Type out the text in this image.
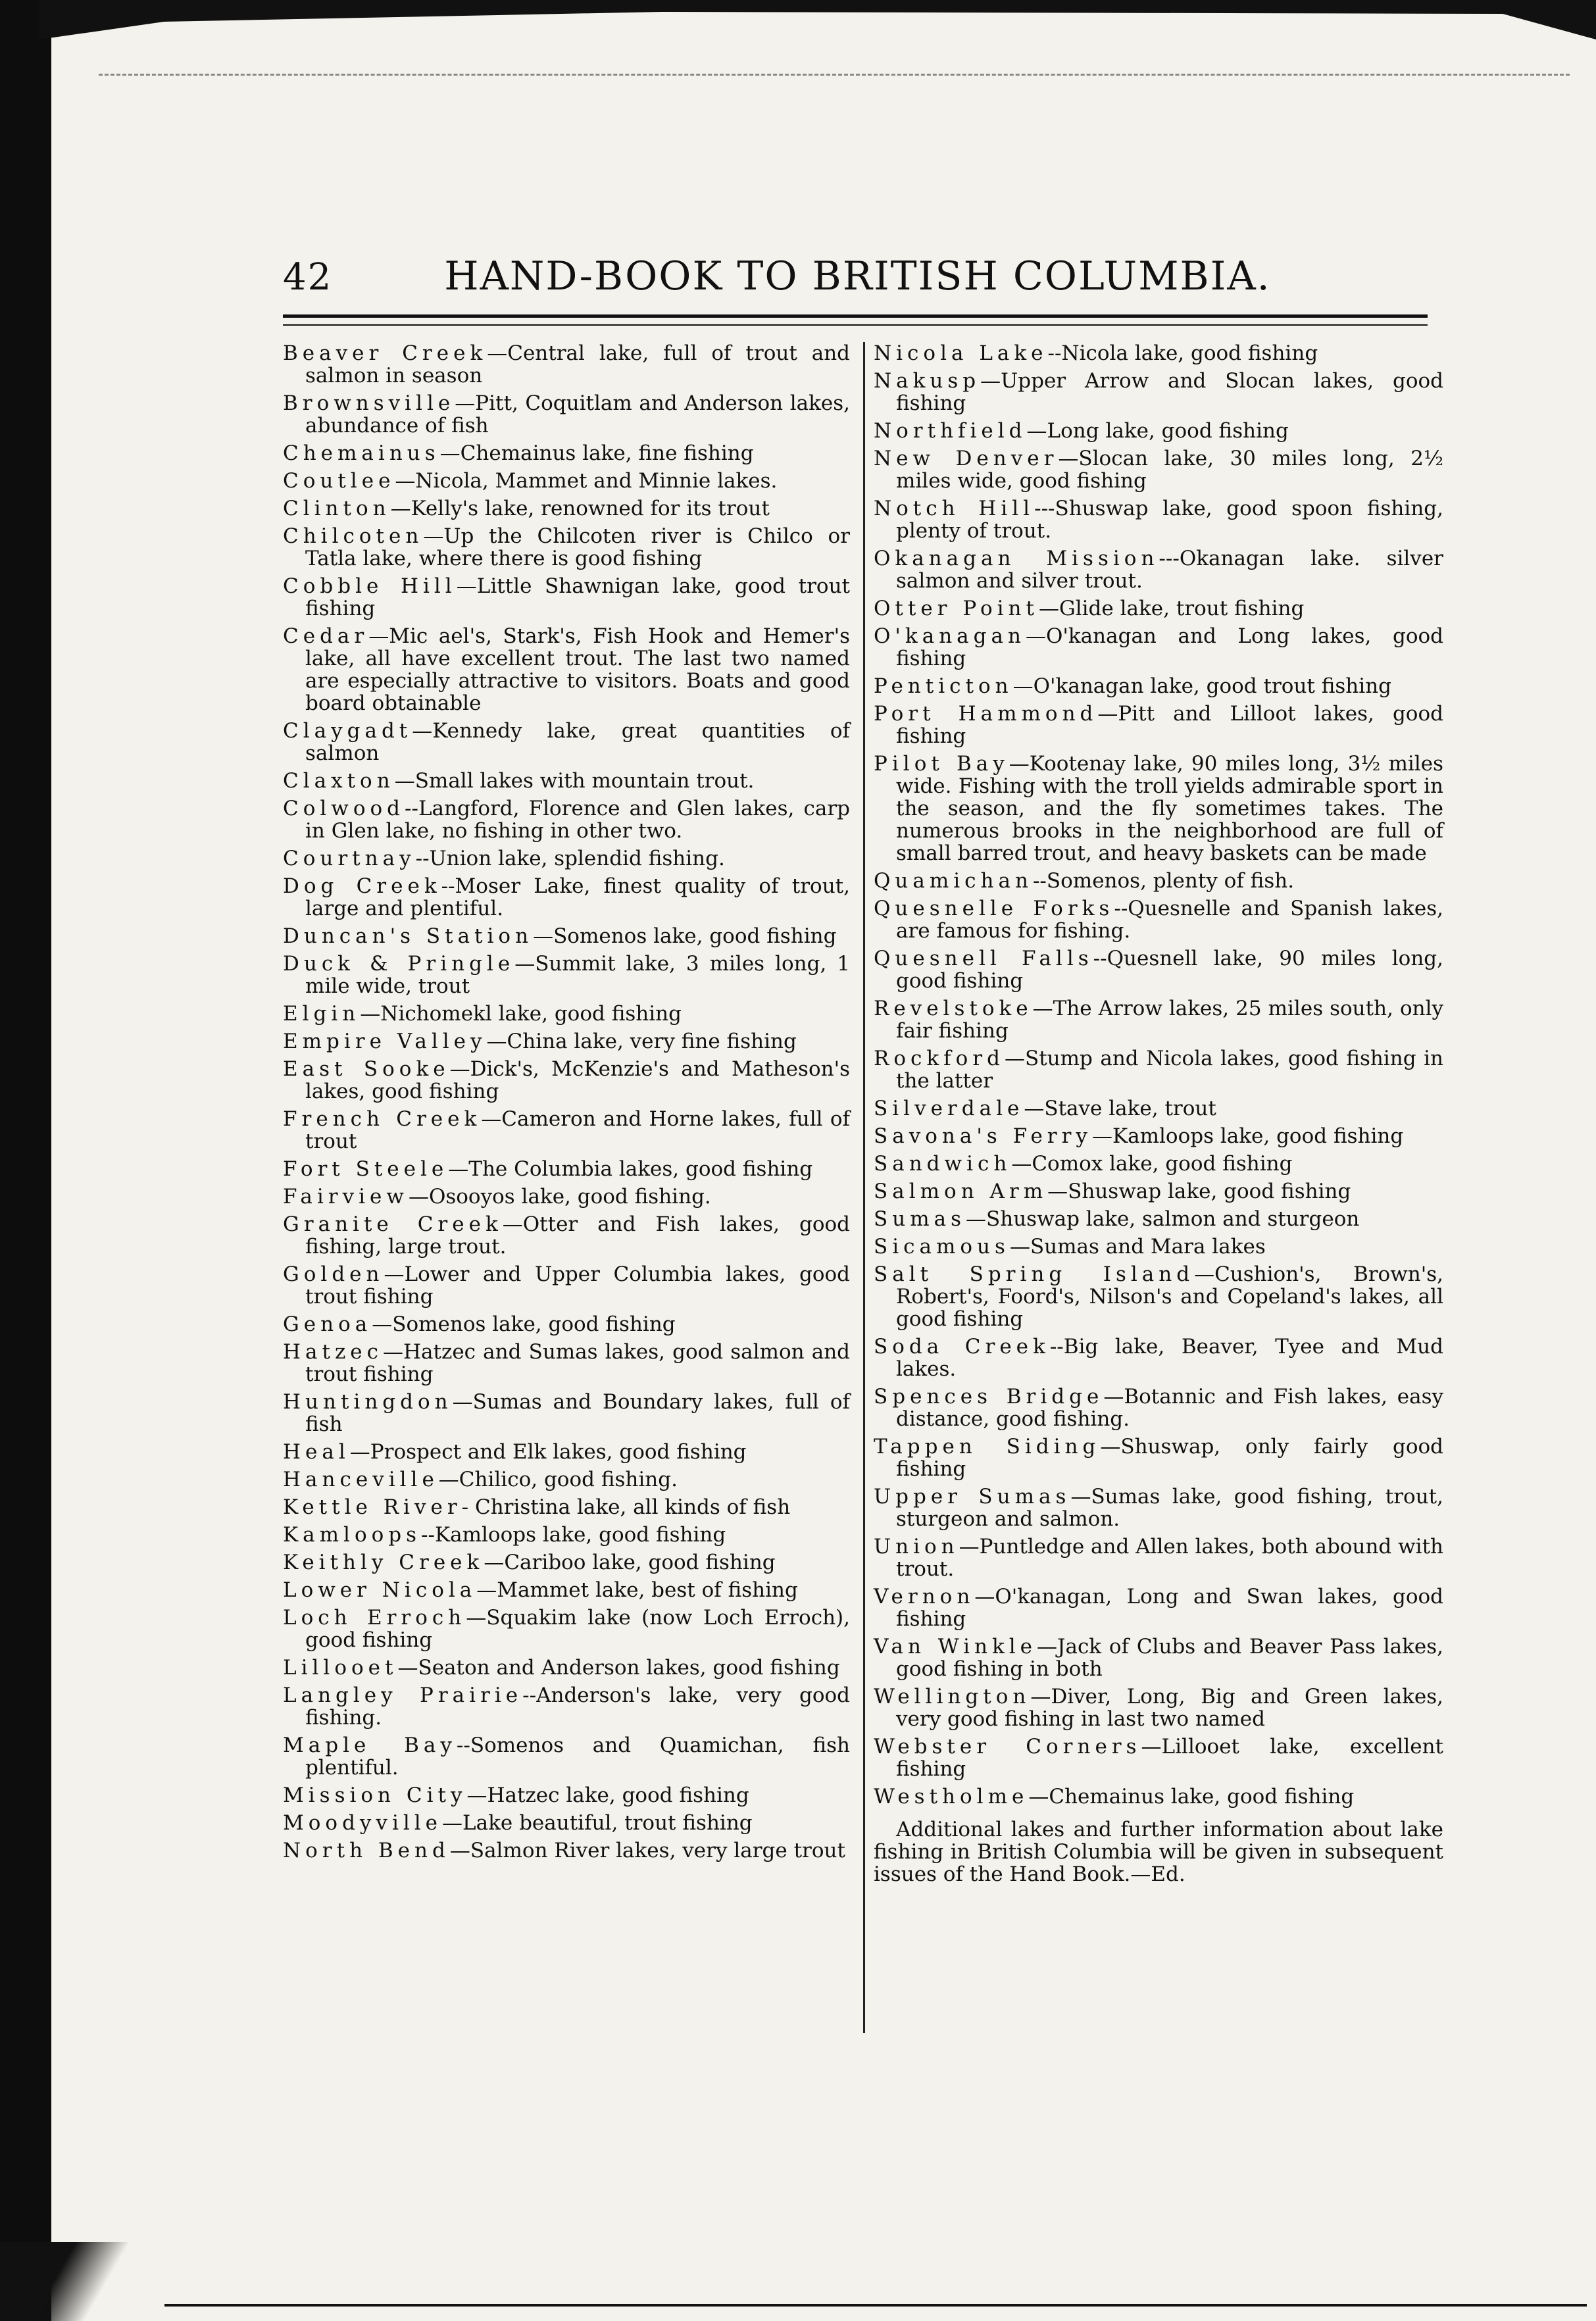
42	HAND-BOOK TO BRITISH COLUMBIA.

Beaver Creek—Central lake, full of trout and salmon in season

Brownsville—Pitt, Coquitlam and Anderson lakes, abundance of fish

Chemainus—Chemainus lake, fine fishing

Coutlee—Nicola, Mammet and Minnie lakes.

Clinton—Kelly's lake, renowned for its trout

Chilcoten—Up the Chilcoten river is Chilco or Tatla lake, where there is good fishing

Cobble Hill—Little Shawnigan lake, good trout fishing

Cedar—Mic ael's, Stark's, Fish Hook and Hemer's lake, all have excellent trout. The last two named are especially attractive to visitors. Boats and good board obtainable

Claygadt—Kennedy lake, great quantities of salmon

Claxton—Small lakes with mountain trout.

Colwood--Langford, Florence and Glen lakes, carp in Glen lake, no fishing in other two.

Courtnay--Union lake, splendid fishing.

Dog Creek--Moser Lake, finest quality of trout, large and plentiful.

Duncan's Station—Somenos lake, good fishing

Duck & Pringle—Summit lake, 3 miles long, 1 mile wide, trout

Elgin—Nichomekl lake, good fishing

Empire Valley—China lake, very fine fishing

East Sooke—Dick's, McKenzie's and Matheson's lakes, good fishing

French Creek—Cameron and Horne lakes, full of trout

Fort Steele—The Columbia lakes, good fishing

Fairview—Osooyos lake, good fishing.

Granite Creek—Otter and Fish lakes, good fishing, large trout.

Golden—Lower and Upper Columbia lakes, good trout fishing

Genoa—Somenos lake, good fishing

Hatzec—Hatzec and Sumas lakes, good salmon and trout fishing

Huntingdon—Sumas and Boundary lakes, full of fish

Heal—Prospect and Elk lakes, good fishing

Hanceville—Chilico, good fishing.

Kettle River- Christina lake, all kinds of fish

Kamloops--Kamloops lake, good fishing

Keithly Creek—Cariboo lake, good fishing

Lower Nicola—Mammet lake, best of fishing

Loch Erroch—Squakim lake (now Loch Erroch), good fishing

Lillooet—Seaton and Anderson lakes, good fishing

Langley Prairie--Anderson's lake, very good fishing.

Maple Bay--Somenos and Quamichan, fish plentiful.

Mission City—Hatzec lake, good fishing

Moodyville—Lake beautiful, trout fishing

North Bend—Salmon River lakes, very large trout

Nicola Lake--Nicola lake, good fishing

Nakusp—Upper Arrow and Slocan lakes, good fishing

Northfield—Long lake, good fishing

New Denver—Slocan lake, 30 miles long, 2½ miles wide, good fishing

Notch Hill---Shuswap lake, good spoon fishing, plenty of trout.

Okanagan Mission---Okanagan lake. silver salmon and silver trout.

Otter Point—Glide lake, trout fishing

O'kanagan—O'kanagan and Long lakes, good fishing

Penticton—O'kanagan lake, good trout fishing

Port Hammond—Pitt and Lilloot lakes, good fishing

Pilot Bay—Kootenay lake, 90 miles long, 3½ miles wide. Fishing with the troll yields admirable sport in the season, and the fly sometimes takes. The numerous brooks in the neighborhood are full of small barred trout, and heavy baskets can be made

Quamichan--Somenos, plenty of fish.

Quesnelle Forks--Quesnelle and Spanish lakes, are famous for fishing.

Quesnell Falls--Quesnell lake, 90 miles long, good fishing

Revelstoke—The Arrow lakes, 25 miles south, only fair fishing

Rockford—Stump and Nicola lakes, good fishing in the latter

Silverdale—Stave lake, trout

Savona's Ferry—Kamloops lake, good fishing

Sandwich—Comox lake, good fishing

Salmon Arm—Shuswap lake, good fishing

Sumas—Shuswap lake, salmon and sturgeon

Sicamous—Sumas and Mara lakes

Salt Spring Island—Cushion's, Brown's, Robert's, Foord's, Nilson's and Copeland's lakes, all good fishing

Soda Creek--Big lake, Beaver, Tyee and Mud lakes.

Spences Bridge—Botannic and Fish lakes, easy distance, good fishing.

Tappen Siding—Shuswap, only fairly good fishing

Upper Sumas—Sumas lake, good fishing, trout, sturgeon and salmon.

Union—Puntledge and Allen lakes, both abound with trout.

Vernon—O'kanagan, Long and Swan lakes, good fishing

Van Winkle—Jack of Clubs and Beaver Pass lakes, good fishing in both

Wellington—Diver, Long, Big and Green lakes, very good fishing in last two named

Webster Corners—Lillooet lake, excellent fishing

Westholme—Chemainus lake, good fishing

Additional lakes and further information about lake fishing in British Columbia will be given in subsequent issues of the Hand Book.—Ed.
